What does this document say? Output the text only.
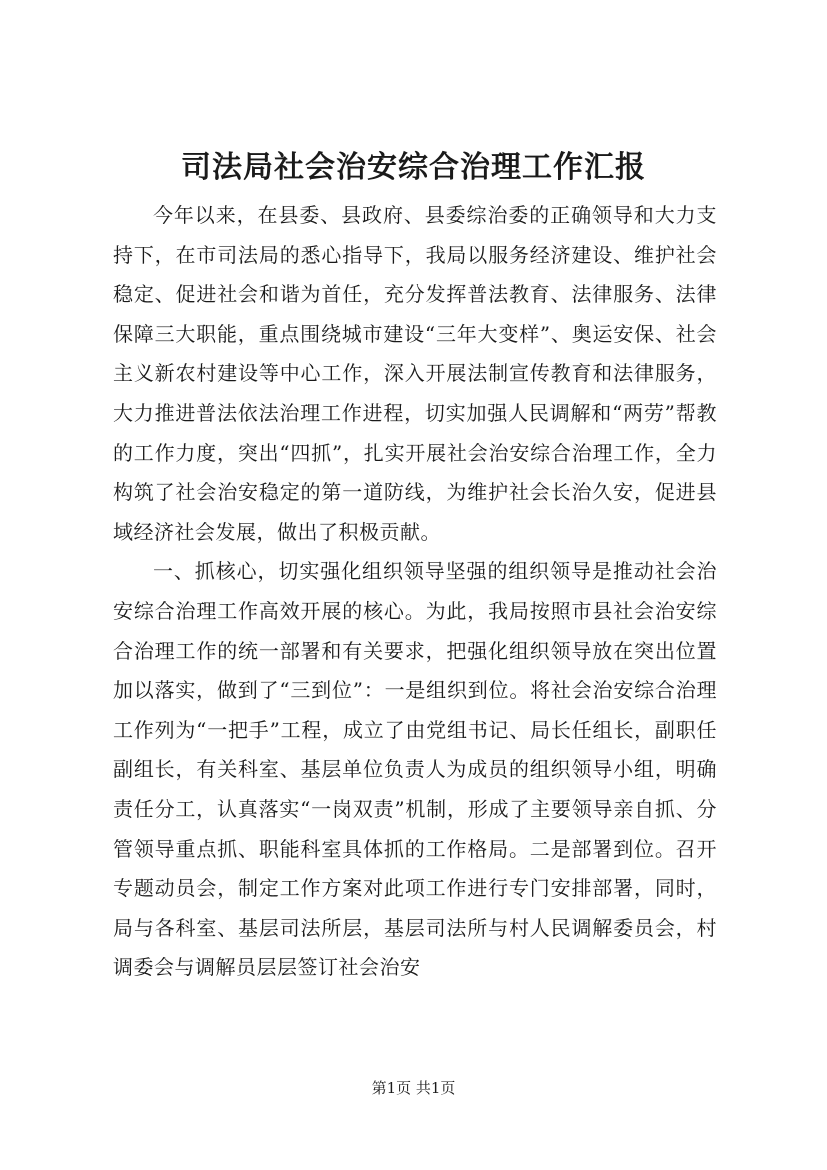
司法局社会治安综合治理工作汇报

今年以来，在县委、县政府、县委综治委的正确领导和大力支持下，在市司法局的悉心指导下，我局以服务经济建设、维护社会稳定、促进社会和谐为首任，充分发挥普法教育、法律服务、法律保障三大职能，重点围绕城市建设“三年大变样”、奥运安保、社会主义新农村建设等中心工作，深入开展法制宣传教育和法律服务，大力推进普法依法治理工作进程，切实加强人民调解和“两劳”帮教的工作力度，突出“四抓”，扎实开展社会治安综合治理工作，全力构筑了社会治安稳定的第一道防线，为维护社会长治久安，促进县域经济社会发展，做出了积极贡献。

一、抓核心，切实强化组织领导坚强的组织领导是推动社会治安综合治理工作高效开展的核心。为此，我局按照市县社会治安综合治理工作的统一部署和有关要求，把强化组织领导放在突出位置加以落实，做到了“三到位”：一是组织到位。将社会治安综合治理工作列为“一把手”工程，成立了由党组书记、局长任组长，副职任副组长，有关科室、基层单位负责人为成员的组织领导小组，明确责任分工，认真落实“一岗双责”机制，形成了主要领导亲自抓、分管领导重点抓、职能科室具体抓的工作格局。二是部署到位。召开专题动员会，制定工作方案对此项工作进行专门安排部署，同时，局与各科室、基层司法所层，基层司法所与村人民调解委员会，村调委会与调解员层层签订社会治安

第1页 共1页
